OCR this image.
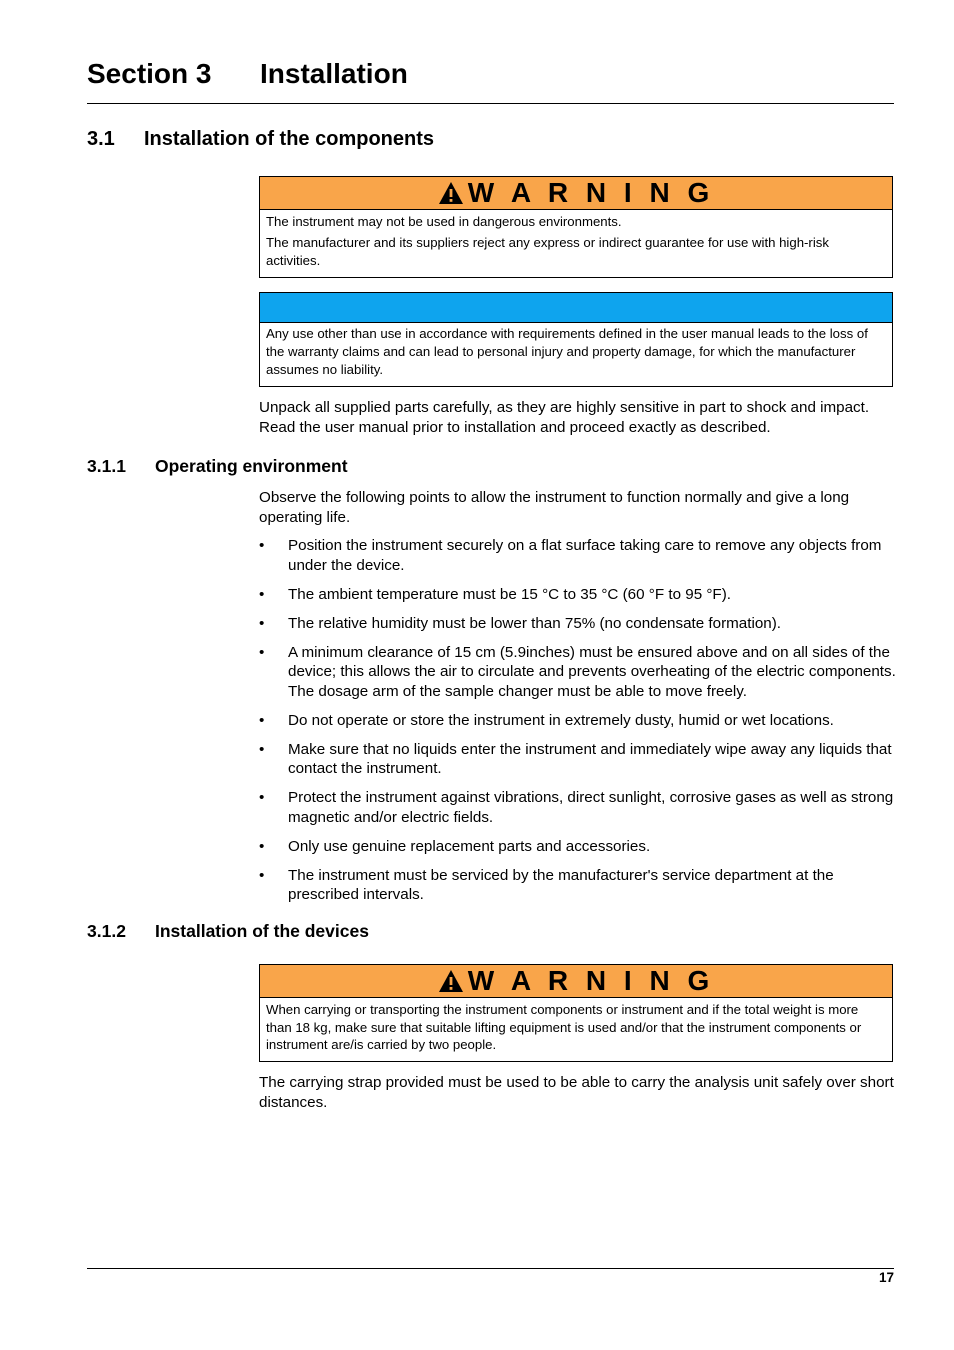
Section 3 Installation
3.1 Installation of the components
W A R N I N G

The instrument may not be used in dangerous environments.

The manufacturer and its suppliers reject any express or indirect guarantee for use with high-risk activities.

Any use other than use in accordance with requirements defined in the user manual leads to the loss of the warranty claims and can lead to personal injury and property damage, for which the manufacturer assumes no liability.

Unpack all supplied parts carefully, as they are highly sensitive in part to shock and impact. Read the user manual prior to installation and proceed exactly as described.

3.1.1 Operating environment

Observe the following points to allow the instrument to function normally and give a long operating life.

•	Position the instrument securely on a flat surface taking care to remove any objects from under the device.
•	The ambient temperature must be 15 °C to 35 °C (60 °F to 95 °F).
•	The relative humidity must be lower than 75% (no condensate formation).
•	A minimum clearance of 15 cm (5.9inches) must be ensured above and on all sides of the device; this allows the air to circulate and prevents overheating of the electric components. The dosage arm of the sample changer must be able to move freely.
•	Do not operate or store the instrument in extremely dusty, humid or wet locations.
•	Make sure that no liquids enter the instrument and immediately wipe away any liquids that contact the instrument.
•	Protect the instrument against vibrations, direct sunlight, corrosive gases as well as strong magnetic and/or electric fields.
•	Only use genuine replacement parts and accessories.
•	The instrument must be serviced by the manufacturer's service department at the prescribed intervals.
3.1.2 Installation of the devices
W A R N I N G

When carrying or transporting the instrument components or instrument and if the total weight is more than 18 kg, make sure that suitable lifting equipment is used and/or that the instrument components or instrument are/is carried by two people.

The carrying strap provided must be used to be able to carry the analysis unit safely over short distances.

17
